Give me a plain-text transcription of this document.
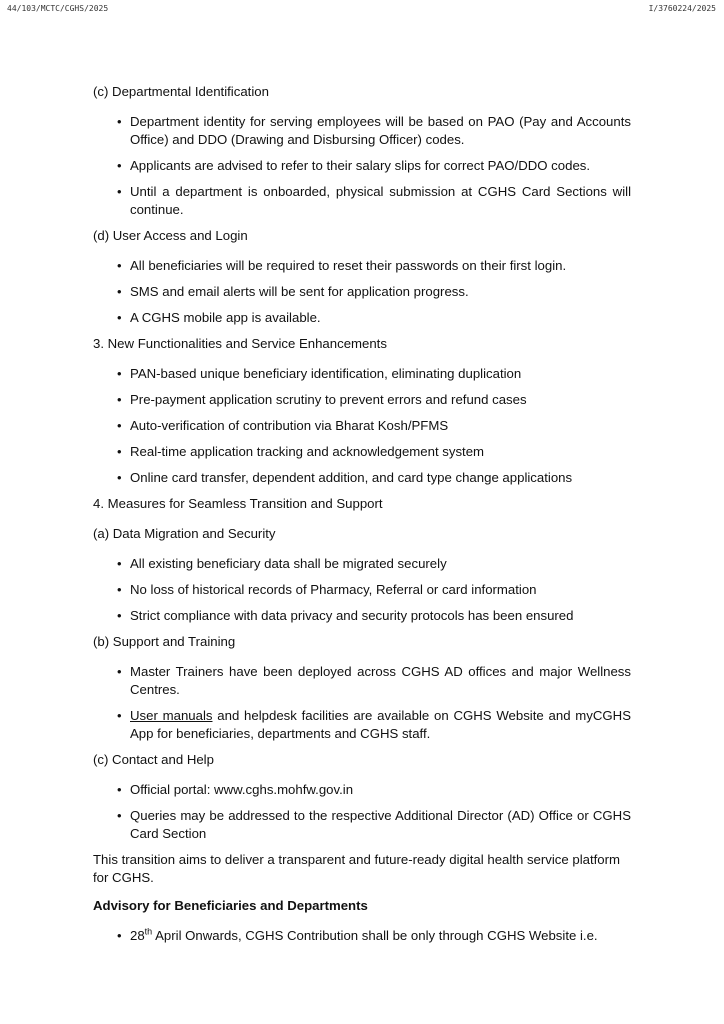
44/103/MCTC/CGHS/2025	I/3760224/2025
(c) Departmental Identification
• Department identity for serving employees will be based on PAO (Pay and Accounts Office) and DDO (Drawing and Disbursing Officer) codes.
• Applicants are advised to refer to their salary slips for correct PAO/DDO codes.
• Until a department is onboarded, physical submission at CGHS Card Sections will continue.
(d) User Access and Login
• All beneficiaries will be required to reset their passwords on their first login.
• SMS and email alerts will be sent for application progress.
• A CGHS mobile app is available.
3. New Functionalities and Service Enhancements
• PAN-based unique beneficiary identification, eliminating duplication
• Pre-payment application scrutiny to prevent errors and refund cases
• Auto-verification of contribution via Bharat Kosh/PFMS
• Real-time application tracking and acknowledgement system
• Online card transfer, dependent addition, and card type change applications
4. Measures for Seamless Transition and Support
(a) Data Migration and Security
• All existing beneficiary data shall be migrated securely
• No loss of historical records of Pharmacy, Referral or card information
• Strict compliance with data privacy and security protocols has been ensured
(b) Support and Training
• Master Trainers have been deployed across CGHS AD offices and major Wellness Centres.
• User manuals and helpdesk facilities are available on CGHS Website and myCGHS App for beneficiaries, departments and CGHS staff.
(c) Contact and Help
• Official portal: www.cghs.mohfw.gov.in
• Queries may be addressed to the respective Additional Director (AD) Office or CGHS Card Section
This transition aims to deliver a transparent and future-ready digital health service platform for CGHS.
Advisory for Beneficiaries and Departments
• 28th April Onwards, CGHS Contribution shall be only through CGHS Website i.e.
